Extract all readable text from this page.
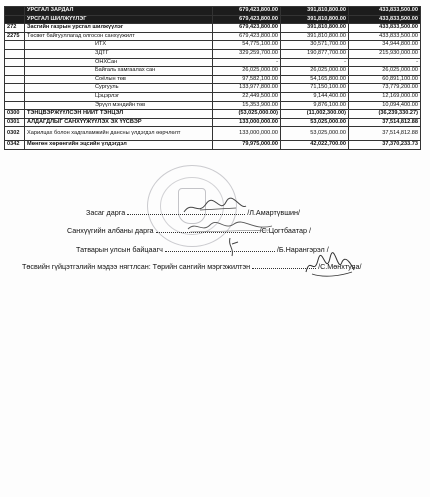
	УРСГАЛ ЗАРДАЛ	679,423,800.00	391,810,800.00	433,833,500.00
	УРСГАЛ ШИЛЖҮҮЛЭГ	679,423,800.00	391,810,800.00	433,833,500.00
272	Засгийн газрын урсгал шилжүүлэг	679,423,800.00	391,810,800.00	433,833,500.00
2275	Төсвөт байгууллагад олгосон санхүүжилт	679,423,800.00	391,810,800.00	433,833,500.00
	ИТХ	54,775,100.00	30,571,700.00	34,944,800.00
	ЗДТГ	329,259,700.00	190,877,700.00	215,930,000.00
	ОНХСан	-	-	-
	Байгаль хамгаалах сан	26,025,000.00	26,025,000.00	26,025,000.00
	Соёлын төв	97,582,100.00	54,165,800.00	60,891,100.00
	Сургууль	133,977,800.00	71,150,100.00	73,779,200.00
	Цэцэрлэг	22,449,500.00	9,144,400.00	12,169,000.00
	Эрүүл мэндийн төв	15,353,900.00	9,876,100.00	10,094,400.00
0300	ТЭНЦВЭРЖҮҮЛСЭН НИЙТ ТЭНЦЭЛ	(53,025,000.00)	(11,002,300.00)	(36,239,330.27)
0301	АЛДАГДЛЫГ САНХҮҮЖҮҮЛЭХ ЭХ ҮҮСВЭР	133,000,000.00	53,025,000.00	37,514,812.88
0302	Харилцах болон хадгаламжийн дансны үлдэгдэл өөрчлөлт	133,000,000.00	53,025,000.00	37,514,812.88
0342	Мөнгөн хөрөнгийн эцсийн үлдэгдэл	79,975,000.00	42,022,700.00	37,370,233.73
Засаг дарга	/Л.Амартүвшин/
Санхүүгийн албаны дарга	/С.Цогтбаатар /
Татварын улсын байцаагч	/Б.Нарангэрэл /
Төсвийн гүйцэтгэлийн мэдээ нягтлсан: Төрийн сангийн мэргэжилтэн	/С.Мөнхтуяа/
